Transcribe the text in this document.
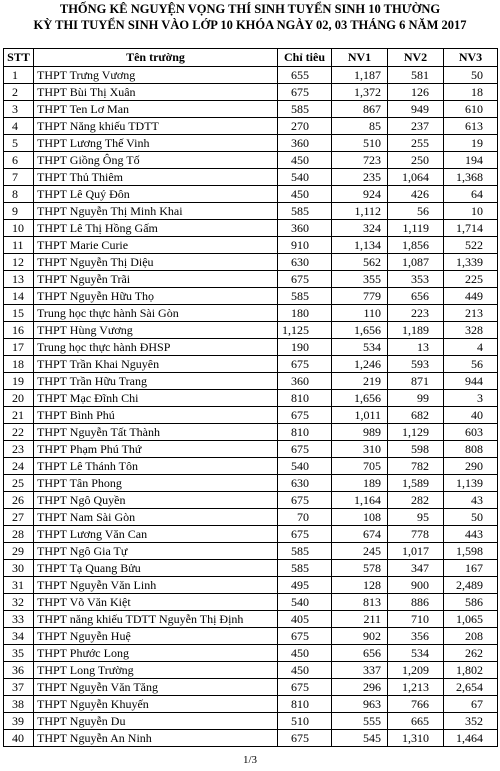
THỐNG KÊ NGUYỆN VỌNG THÍ SINH TUYỂN SINH 10 THƯỜNG
KỲ THI TUYỂN SINH VÀO LỚP 10 KHÓA NGÀY 02, 03 THÁNG 6 NĂM 2017
STT	Tên trường	Chỉ tiêu	NV1	NV2	NV3
1	THPT Trưng Vương	655	1,187	581	50
2	THPT Bùi Thị Xuân	675	1,372	126	18
3	THPT Ten Lơ Man	585	867	949	610
4	THPT Năng khiếu TDTT	270	85	237	613
5	THPT Lương Thế Vinh	360	510	255	19
6	THPT Giồng Ông Tố	450	723	250	194
7	THPT Thủ Thiêm	540	235	1,064	1,368
8	THPT Lê Quý Đôn	450	924	426	64
9	THPT Nguyễn Thị Minh Khai	585	1,112	56	10
10	THPT Lê Thị Hồng Gấm	360	324	1,119	1,714
11	THPT Marie Curie	910	1,134	1,856	522
12	THPT Nguyễn Thị Diệu	630	562	1,087	1,339
13	THPT Nguyễn Trãi	675	355	353	225
14	THPT Nguyễn Hữu Thọ	585	779	656	449
15	Trung học thực hành Sài Gòn	180	110	223	213
16	THPT Hùng Vương	1,125	1,656	1,189	328
17	Trung học thực hành ĐHSP	190	534	13	4
18	THPT Trần Khai Nguyên	675	1,246	593	56
19	THPT Trần Hữu Trang	360	219	871	944
20	THPT Mạc Đĩnh Chi	810	1,656	99	3
21	THPT Bình Phú	675	1,011	682	40
22	THPT Nguyễn Tất Thành	810	989	1,129	603
23	THPT Phạm Phú Thứ	675	310	598	808
24	THPT Lê Thánh Tôn	540	705	782	290
25	THPT Tân Phong	630	189	1,589	1,139
26	THPT Ngô Quyền	675	1,164	282	43
27	THPT Nam Sài Gòn	70	108	95	50
28	THPT Lương Văn Can	675	674	778	443
29	THPT Ngô Gia Tự	585	245	1,017	1,598
30	THPT Tạ Quang Bửu	585	578	347	167
31	THPT Nguyễn Văn Linh	495	128	900	2,489
32	THPT Võ Văn Kiệt	540	813	886	586
33	THPT năng khiếu TDTT Nguyễn Thị Định	405	211	710	1,065
34	THPT Nguyễn Huệ	675	902	356	208
35	THPT Phước Long	450	656	534	262
36	THPT Long Trường	450	337	1,209	1,802
37	THPT Nguyễn Văn Tăng	675	296	1,213	2,654
38	THPT Nguyễn Khuyến	810	963	766	67
39	THPT Nguyễn Du	510	555	665	352
40	THPT Nguyễn An Ninh	675	545	1,310	1,464
1/3
